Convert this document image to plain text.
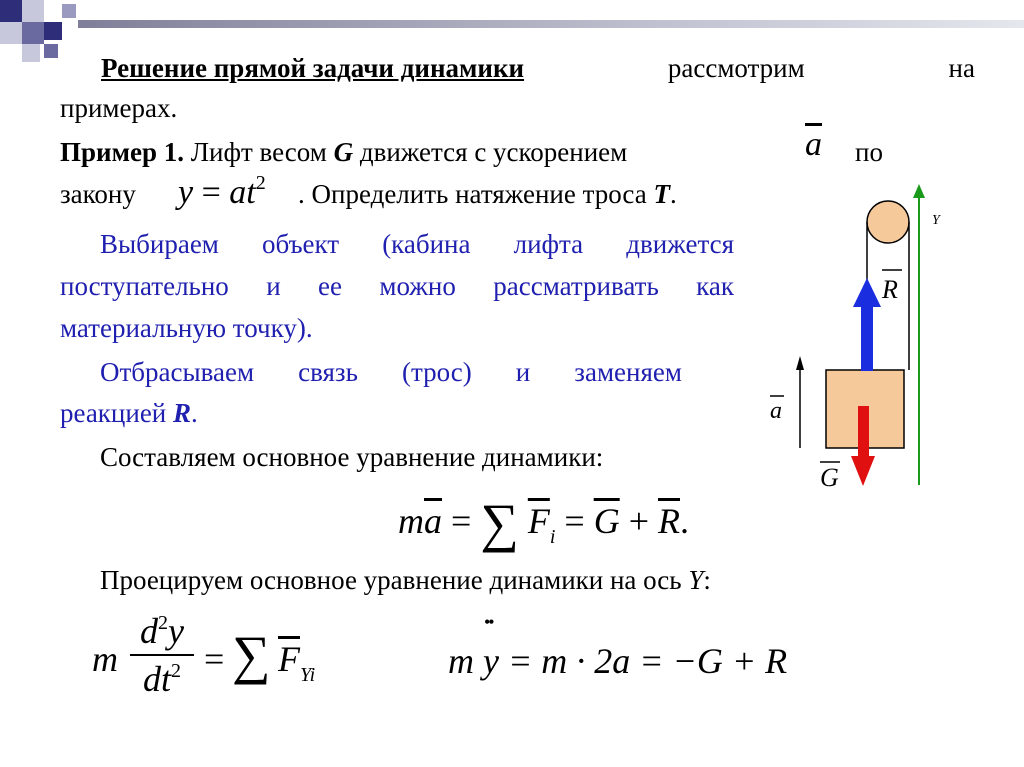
Решение прямой задачи динамики	рассмотрим	на
примерах.
Пример 1. Лифт весом G движется с ускорением	$\overline{a}$ по
закону $y = at^2$ . Определить натяжение троса T.
Выбираем объект (кабина лифта движется
поступательно и ее можно рассматривать как
материальную точку).
Отбрасываем связь (трос) и заменяем
реакцией R.
Составляем основное уравнение динамики:
$m\overline{a}$ = ∑ $\overline{F}_i = \overline{G} + \overline{R}$.
Проецируем основное уравнение динамики на ось Y:
m
$d^2y$
$dt^2$ = ∑ $\overline{F}_{Yi}$
••
m y = m · 2a = −G + R
Y
R
G
a
